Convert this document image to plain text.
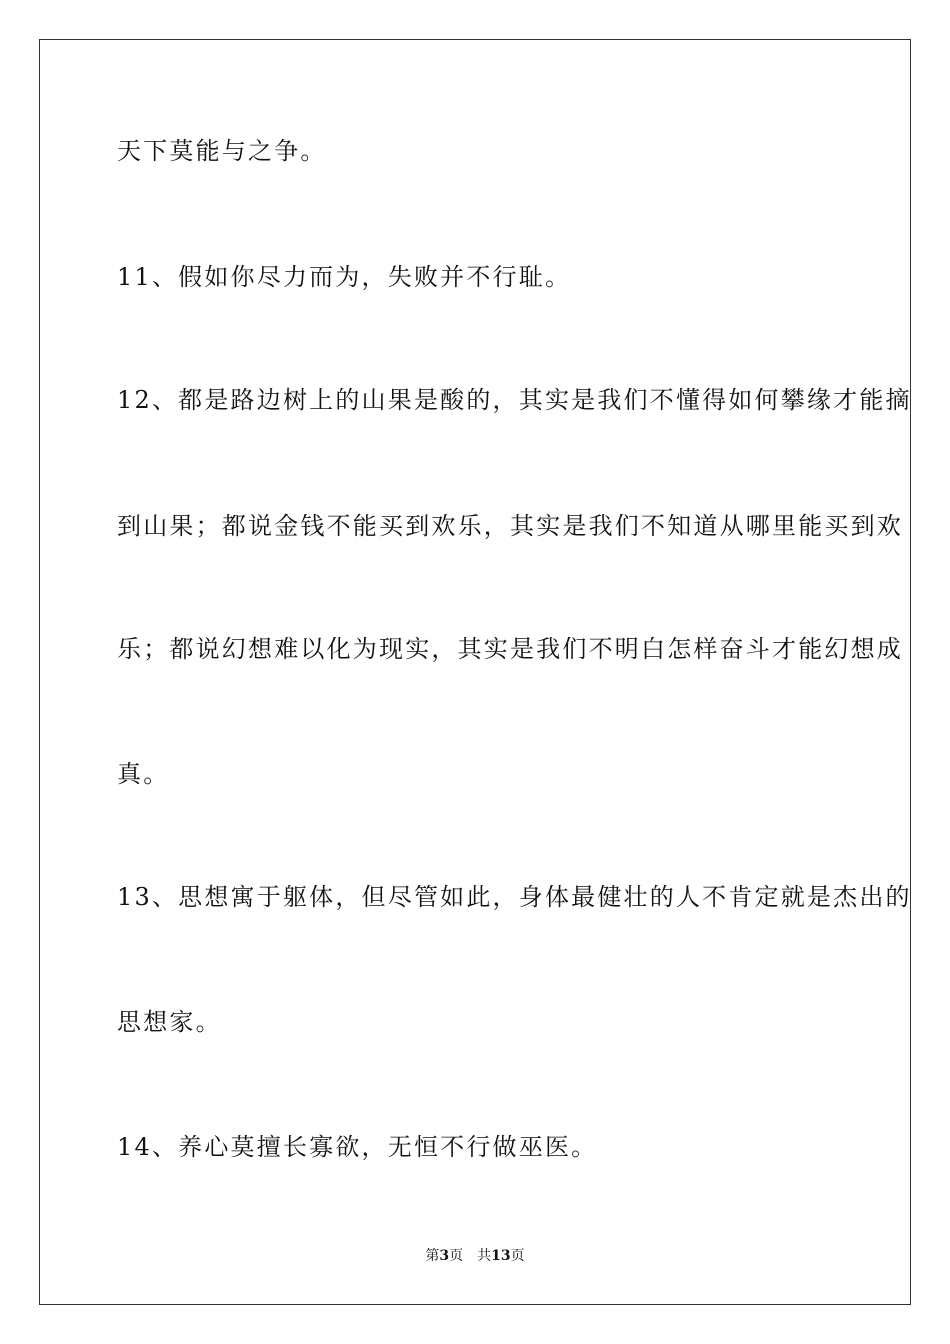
天下莫能与之争。
11、假如你尽力而为，失败并不行耻。
12、都是路边树上的山果是酸的，其实是我们不懂得如何攀缘才能摘
到山果；都说金钱不能买到欢乐，其实是我们不知道从哪里能买到欢
乐；都说幻想难以化为现实，其实是我们不明白怎样奋斗才能幻想成
真。
13、思想寓于躯体，但尽管如此，身体最健壮的人不肯定就是杰出的
思想家。
14、养心莫擅长寡欲，无恒不行做巫医。
第3页 共13页
